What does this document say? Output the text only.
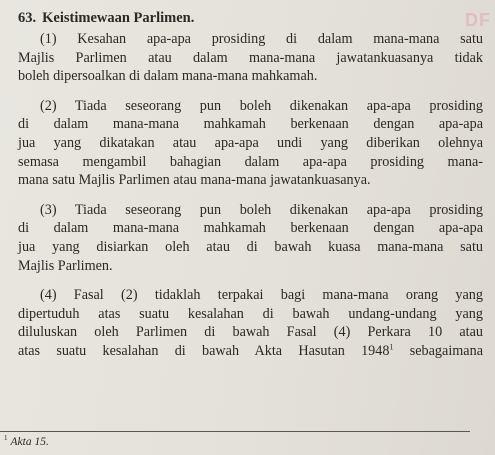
DF
63. Keistimewaan Parlimen.
(1) Kesahan apa-apa prosiding di dalam mana-mana satu
Majlis Parlimen atau dalam mana-mana jawatankuasanya tidak
boleh dipersoalkan di dalam mana-mana mahkamah.
(2) Tiada seseorang pun boleh dikenakan apa-apa prosiding
di dalam mana-mana mahkamah berkenaan dengan apa-apa
jua yang dikatakan atau apa-apa undi yang diberikan olehnya
semasa mengambil bahagian dalam apa-apa prosiding mana-
mana satu Majlis Parlimen atau mana-mana jawatankuasanya.
(3) Tiada seseorang pun boleh dikenakan apa-apa prosiding
di dalam mana-mana mahkamah berkenaan dengan apa-apa
jua yang disiarkan oleh atau di bawah kuasa mana-mana satu
Majlis Parlimen.
(4) Fasal (2) tidaklah terpakai bagi mana-mana orang yang
dipertuduh atas suatu kesalahan di bawah undang-undang yang
diluluskan oleh Parlimen di bawah Fasal (4) Perkara 10 atau
atas suatu kesalahan di bawah Akta Hasutan 1948$^1$ sebagaimana
$^1$ Akta 15.
